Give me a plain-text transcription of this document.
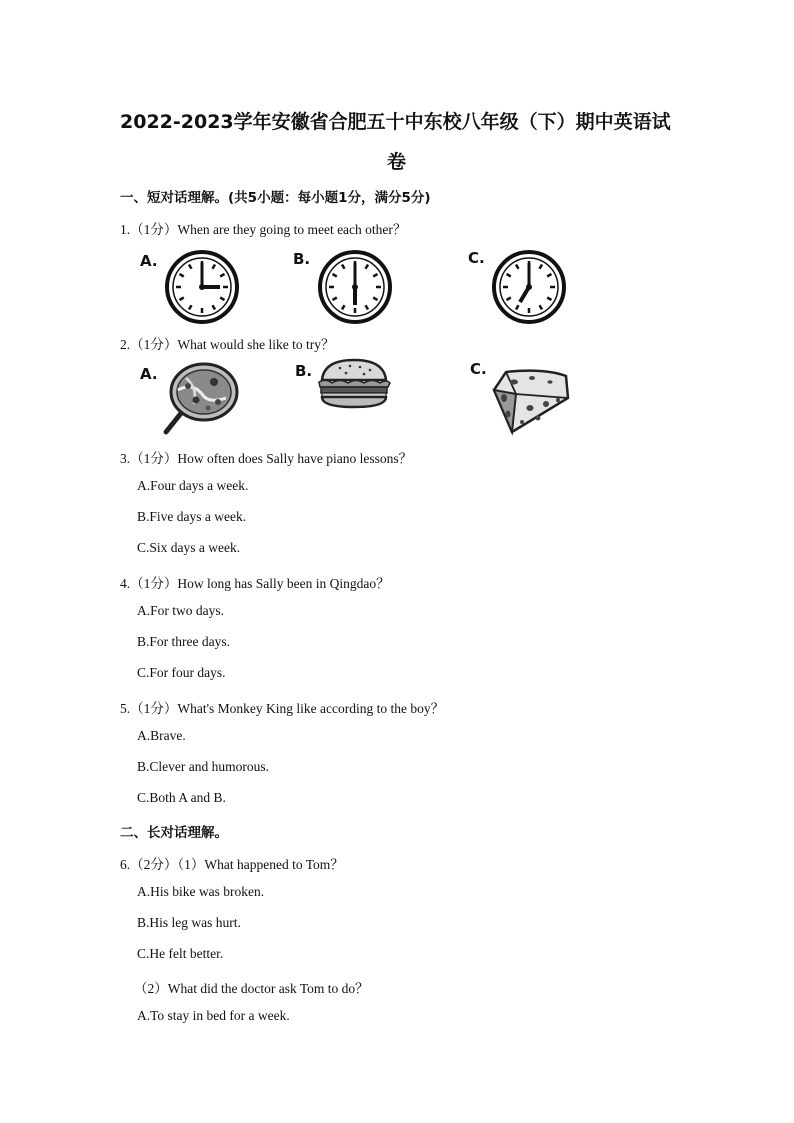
2022-2023学年安徽省合肥五十中东校八年级（下）期中英语试
卷
一、短对话理解。(共5小题：每小题1分，满分5分)
1.（1分）When are they going to meet each other？
A.	B.	C.
2.（1分）What would she like to try？
A.	B.	C.
3.（1分）How often does Sally have piano lessons？
A.Four days a week.
B.Five days a week.
C.Six days a week.
4.（1分）How long has Sally been in Qingdao？
A.For two days.
B.For three days.
C.For four days.
5.（1分）What's Monkey King like according to the boy？
A.Brave.
B.Clever and humorous.
C.Both A and B.
二、长对话理解。
6.（2分）（1）What happened to Tom？
A.His bike was broken.
B.His leg was hurt.
C.He felt better.
（2）What did the doctor ask Tom to do？
A.To stay in bed for a week.
